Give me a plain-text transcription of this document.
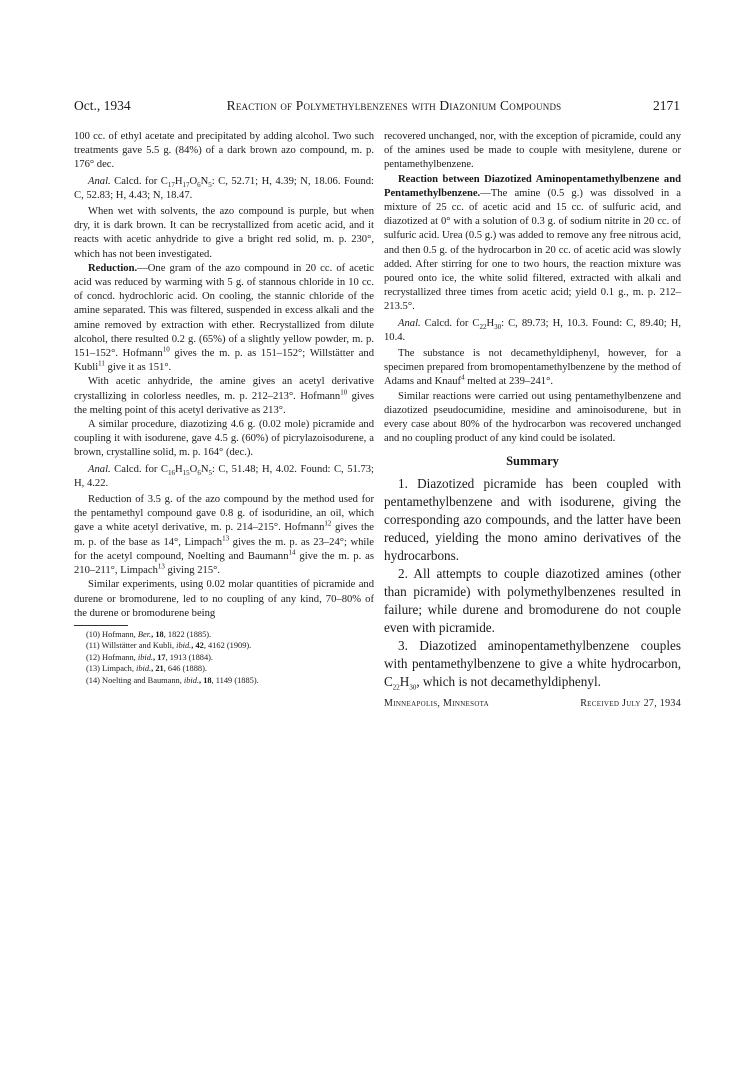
Oct., 1934	Reaction of Polymethylbenzenes with Diazonium Compounds	2171

100 cc. of ethyl acetate and precipitated by adding alcohol. Two such treatments gave 5.5 g. (84%) of a dark brown azo compound, m. p. 176° dec.

Anal. Calcd. for $C_{17}H_{17}O_6N_5$: C, 52.71; H, 4.39; N, 18.06. Found: C, 52.83; H, 4.43; N, 18.47.

When wet with solvents, the azo compound is purple, but when dry, it is dark brown. It can be recrystallized from acetic acid, and it reacts with acetic anhydride to give a bright red solid, m. p. 230°, which has not been investigated.

Reduction.—One gram of the azo compound in 20 cc. of acetic acid was reduced by warming with 5 g. of stannous chloride in 10 cc. of concd. hydrochloric acid. On cooling, the stannic chloride of the amine separated. This was filtered, suspended in excess alkali and the amine removed by extraction with ether. Recrystallized from dilute alcohol, there resulted 0.2 g. (65%) of a slightly yellow powder, m. p. 151–152°. Hofmann$^{10}$ gives the m. p. as 151–152°; Willstätter and Kubli$^{11}$ give it as 151°.

With acetic anhydride, the amine gives an acetyl derivative crystallizing in colorless needles, m. p. 212–213°. Hofmann$^{10}$ gives the melting point of this acetyl derivative as 213°.

A similar procedure, diazotizing 4.6 g. (0.02 mole) picramide and coupling it with isodurene, gave 4.5 g. (60%) of picrylazoisodurene, a brown, crystalline solid, m. p. 164° (dec.).

Anal. Calcd. for $C_{16}H_{15}O_6N_5$: C, 51.48; H, 4.02. Found: C, 51.73; H, 4.22.

Reduction of 3.5 g. of the azo compound by the method used for the pentamethyl compound gave 0.8 g. of isoduridine, an oil, which gave a white acetyl derivative, m. p. 214–215°. Hofmann$^{12}$ gives the m. p. of the base as 14°, Limpach$^{13}$ gives the m. p. as 23–24°; while for the acetyl compound, Noelting and Baumann$^{14}$ give the m. p. as 210–211°, Limpach$^{13}$ giving 215°.

Similar experiments, using 0.02 molar quantities of picramide and durene or bromodurene, led to no coupling of any kind, 70–80% of the durene or bromodurene being

(10) Hofmann, Ber., 18, 1822 (1885).

(11) Willstätter and Kubli, ibid., 42, 4162 (1909).

(12) Hofmann, ibid., 17, 1913 (1884).

(13) Limpach, ibid., 21, 646 (1888).

(14) Noelting and Baumann, ibid., 18, 1149 (1885).

recovered unchanged, nor, with the exception of picramide, could any of the amines used be made to couple with mesitylene, durene or pentamethylbenzene.

Reaction between Diazotized Aminopentamethylbenzene and Pentamethylbenzene.—The amine (0.5 g.) was dissolved in a mixture of 25 cc. of acetic acid and 15 cc. of sulfuric acid, and diazotized at 0° with a solution of 0.3 g. of sodium nitrite in 20 cc. of sulfuric acid. Urea (0.5 g.) was added to remove any free nitrous acid, and then 0.5 g. of the hydrocarbon in 20 cc. of acetic acid was slowly added. After stirring for one to two hours, the reaction mixture was poured onto ice, the white solid filtered, extracted with alkali and recrystallized three times from acetic acid; yield 0.1 g., m. p. 212–213.5°.

Anal. Calcd. for $C_{22}H_{30}$: C, 89.73; H, 10.3. Found: C, 89.40; H, 10.4.

The substance is not decamethyldiphenyl, however, for a specimen prepared from bromopentamethylbenzene by the method of Adams and Knauf$^4$ melted at 239–241°.

Similar reactions were carried out using pentamethylbenzene and diazotized pseudocumidine, mesidine and aminoisodurene, but in every case about 80% of the hydrocarbon was recovered unchanged and no coupling product of any kind could be isolated.

Summary

1. Diazotized picramide has been coupled with pentamethylbenzene and with isodurene, giving the corresponding azo compounds, and the latter have been reduced, yielding the mono amino derivatives of the hydrocarbons.

2. All attempts to couple diazotized amines (other than picramide) with polymethylbenzenes resulted in failure; while durene and bromodurene do not couple even with picramide.

3. Diazotized aminopentamethylbenzene couples with pentamethylbenzene to give a white hydrocarbon, $C_{22}H_{30}$, which is not decamethyldiphenyl.

Minneapolis, Minnesota	Received July 27, 1934
